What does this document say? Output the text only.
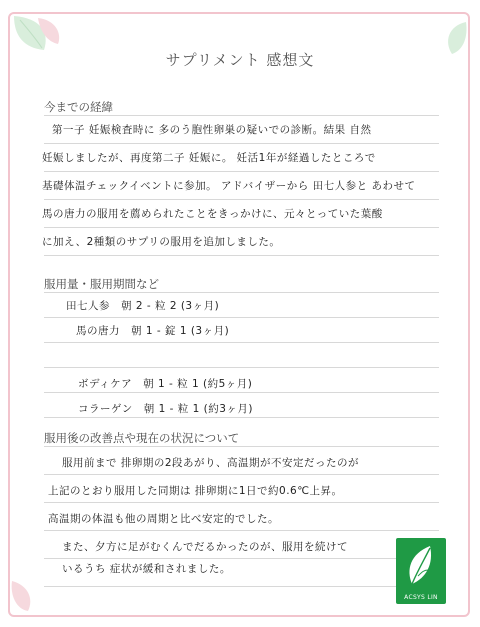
サプリメント 感想文
今までの経緯
第一子 妊娠検査時に 多のう胞性卵巣の疑いでの診断。結果 自然
妊娠しましたが、再度第二子 妊娠に。 妊活1年が経過したところで
基礎体温チェックイベントに参加。 アドバイザーから 田七人参と あわせて
馬の唐力の服用を薦められたことをきっかけに、元々とっていた葉酸
に加え、2種類のサプリの服用を追加しました。
服用量・服用期間など
田七人参　朝 2 - 粒 2 (3ヶ月)
馬の唐力　朝 1 - 錠 1 (3ヶ月)
ボディケア　朝 1 - 粒 1 (約5ヶ月)
コラーゲン　朝 1 - 粒 1 (約3ヶ月)
服用後の改善点や現在の状況について
服用前まで 排卵期の2段あがり、高温期が不安定だったのが
上記のとおり服用した同期は 排卵期に1日で約0.6℃上昇。
高温期の体温も他の周期と比べ安定的でした。
また、夕方に足がむくんでだるかったのが、服用を続けて
いるうち 症状が緩和されました。
ACSYS LIN
